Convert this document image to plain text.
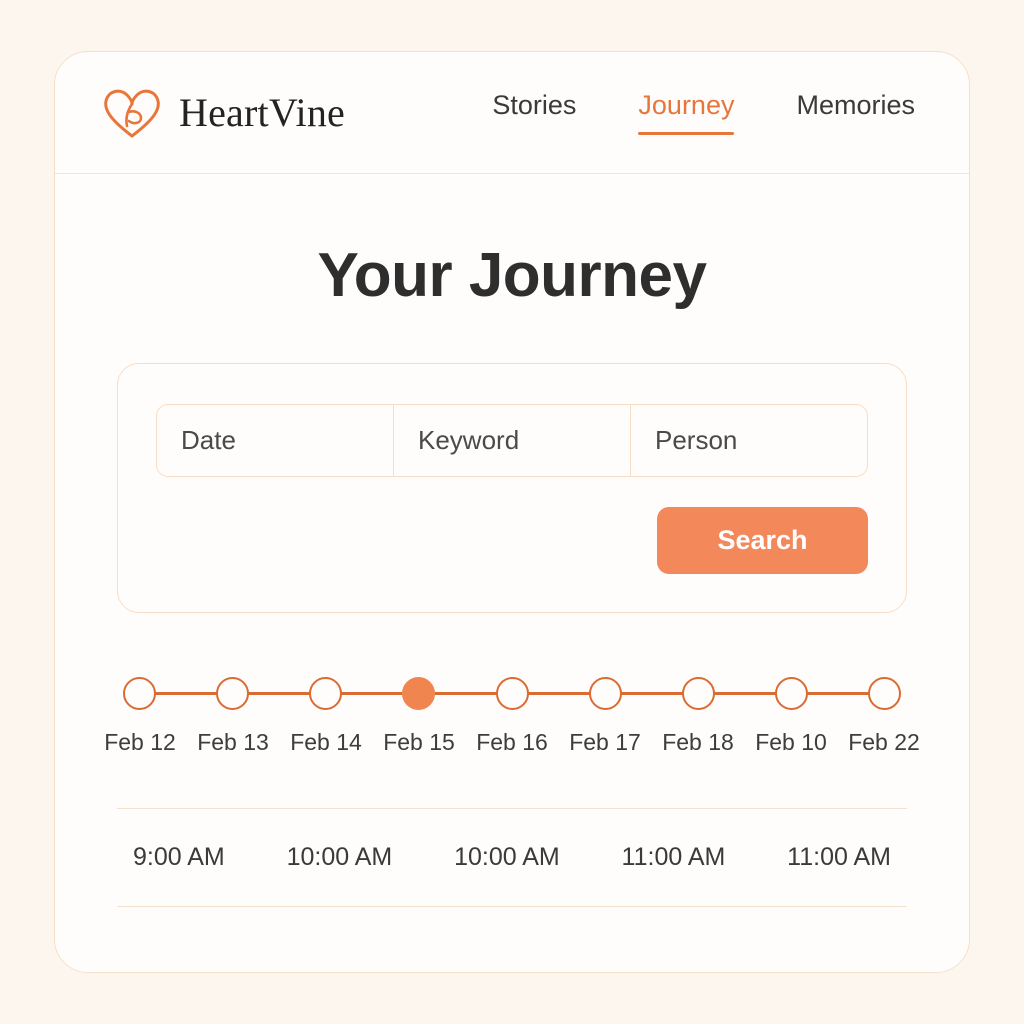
HeartVine	Stories Journey Memories
Your Journey
Date
Keyword
Person
Search
Feb 12 Feb 13 Feb 14 Feb 15 Feb 16 Feb 17 Feb 18 Feb 10 Feb 22
9:00 AM 10:00 AM 10:00 AM 11:00 AM 11:00 AM
